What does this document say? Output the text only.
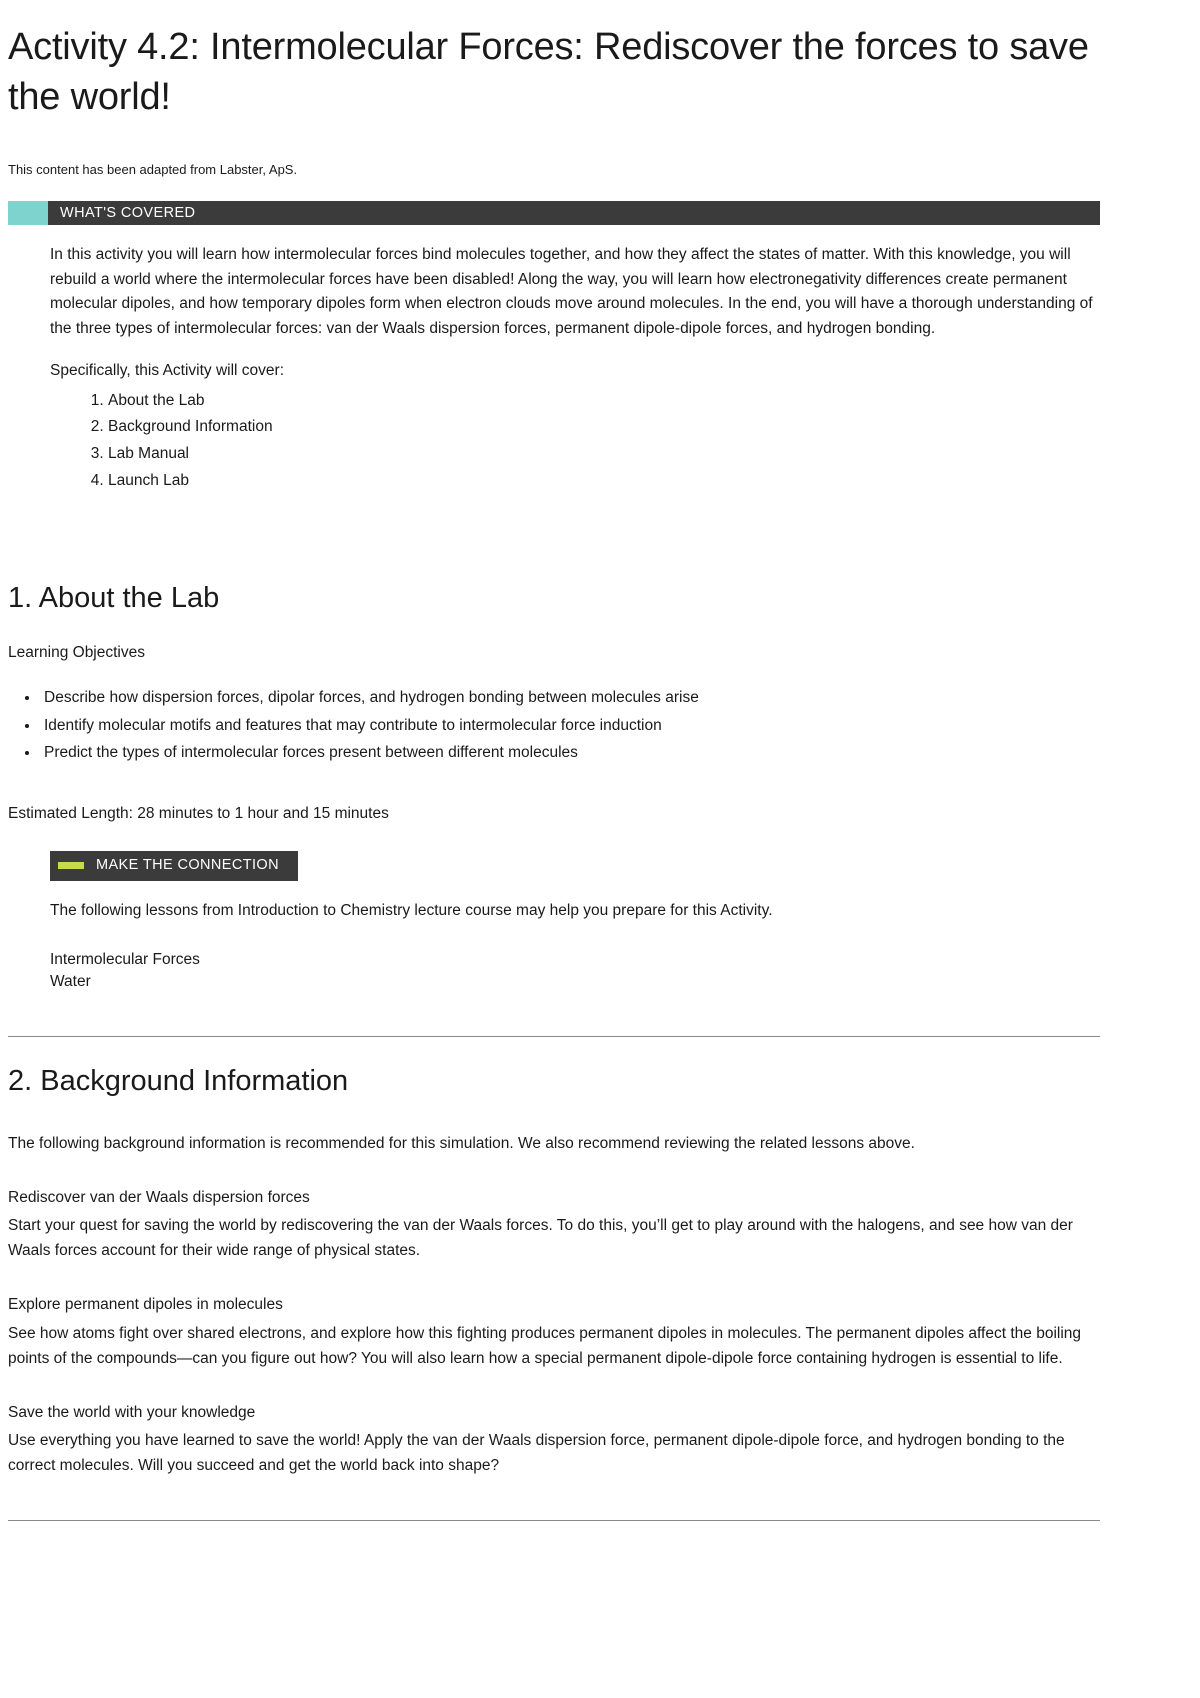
Activity 4.2: Intermolecular Forces: Rediscover the forces to save the world!

This content has been adapted from Labster, ApS.

WHAT'S COVERED

In this activity you will learn how intermolecular forces bind molecules together, and how they affect the states of matter. With this knowledge, you will rebuild a world where the intermolecular forces have been disabled! Along the way, you will learn how electronegativity differences create permanent molecular dipoles, and how temporary dipoles form when electron clouds move around molecules. In the end, you will have a thorough understanding of the three types of intermolecular forces: van der Waals dispersion forces, permanent dipole-dipole forces, and hydrogen bonding.

Specifically, this Activity will cover:

1. About the Lab
2. Background Information
3. Lab Manual
4. Launch Lab
1. About the Lab

Learning Objectives

• Describe how dispersion forces, dipolar forces, and hydrogen bonding between molecules arise
• Identify molecular motifs and features that may contribute to intermolecular force induction
• Predict the types of intermolecular forces present between different molecules

Estimated Length: 28 minutes to 1 hour and 15 minutes

MAKE THE CONNECTION

The following lessons from Introduction to Chemistry lecture course may help you prepare for this Activity.

Intermolecular Forces
Water
2. Background Information

The following background information is recommended for this simulation. We also recommend reviewing the related lessons above.

Rediscover van der Waals dispersion forces

Start your quest for saving the world by rediscovering the van der Waals forces. To do this, you’ll get to play around with the halogens, and see how van der Waals forces account for their wide range of physical states.

Explore permanent dipoles in molecules

See how atoms fight over shared electrons, and explore how this fighting produces permanent dipoles in molecules. The permanent dipoles affect the boiling points of the compounds—can you figure out how? You will also learn how a special permanent dipole-dipole force containing hydrogen is essential to life.

Save the world with your knowledge

Use everything you have learned to save the world! Apply the van der Waals dispersion force, permanent dipole-dipole force, and hydrogen bonding to the correct molecules. Will you succeed and get the world back into shape?
